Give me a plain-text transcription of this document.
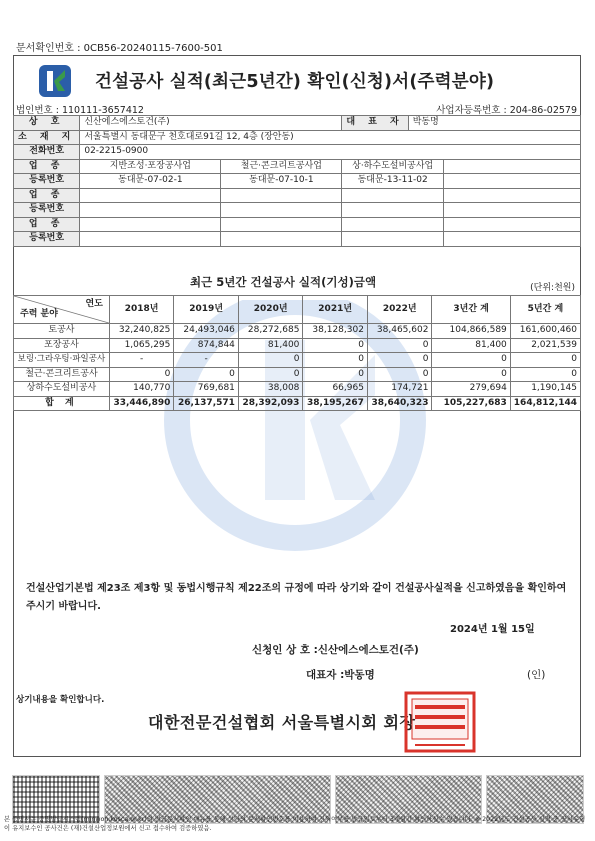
문서확인번호 : 0CB56-20240115-7600-501
건설공사 실적(최근5년간) 확인(신청)서(주력분야)
법인번호 : 110111-3657412	사업자등록번호 : 204-86-02579
상 호	신산에스에스토건(주)		대 표 자	박동명	
소 재 지	서울특별시 동대문구 천호대로91길 12, 4층 (장안동)				
전화번호	02-2215-0900				
업 종	지반조성·포장공사업	철근·콘크리트공사업	상·하수도설비공사업		
등록번호	동대문-07-02-1	동대문-07-10-1	동대문-13-11-02		
업 종					
등록번호					
업 종					
등록번호					
최근 5년간 건설공사 실적(기성)금액	(단위:천원)
연도
주력 분야	2018년	2019년	2020년	2021년	2022년	3년간 계	5년간 계
토공사	32,240,825	24,493,046	28,272,685	38,128,302	38,465,602	104,866,589	161,600,460
포장공사	1,065,295	874,844	81,400	0	0	81,400	2,021,539
보링·그라우팅·파일공사	-	-	0	0	0	0	0
철근·콘크리트공사	0	0	0	0	0	0	0
상하수도설비공사	140,770	769,681	38,008	66,965	174,721	279,694	1,190,145
합 계	33,446,890	26,137,571	28,392,093	38,195,267	38,640,323	105,227,683	164,812,144
건설산업기본법 제23조 제3항 및 동법시행규칙 제22조의 규정에 따라 상기와 같이 건설공사실적을 신고하였음을 확인하여 주시기 바랍니다.
2024년 1월 15일
신청인 상 호 :신산에스에스토건(주)
대표자 :박동명	(인)
상기내용을 확인합니다.
대한전문건설협회 서울특별시회 회장
본 증명서는 증명발급시스템(minwon.kosca.or.kr)의 발급문서확인 메뉴를 통해 상단의 문서확인번호를 이용하여 진위여부를 발급일로부터 3개월간 확인하실수 있습니다. ※ 2022년도 건설공사 실적 중 공사유형이 유지보수인 공사건은 (재)건설산업정보원에서 신고 접수하여 검증하였음.
